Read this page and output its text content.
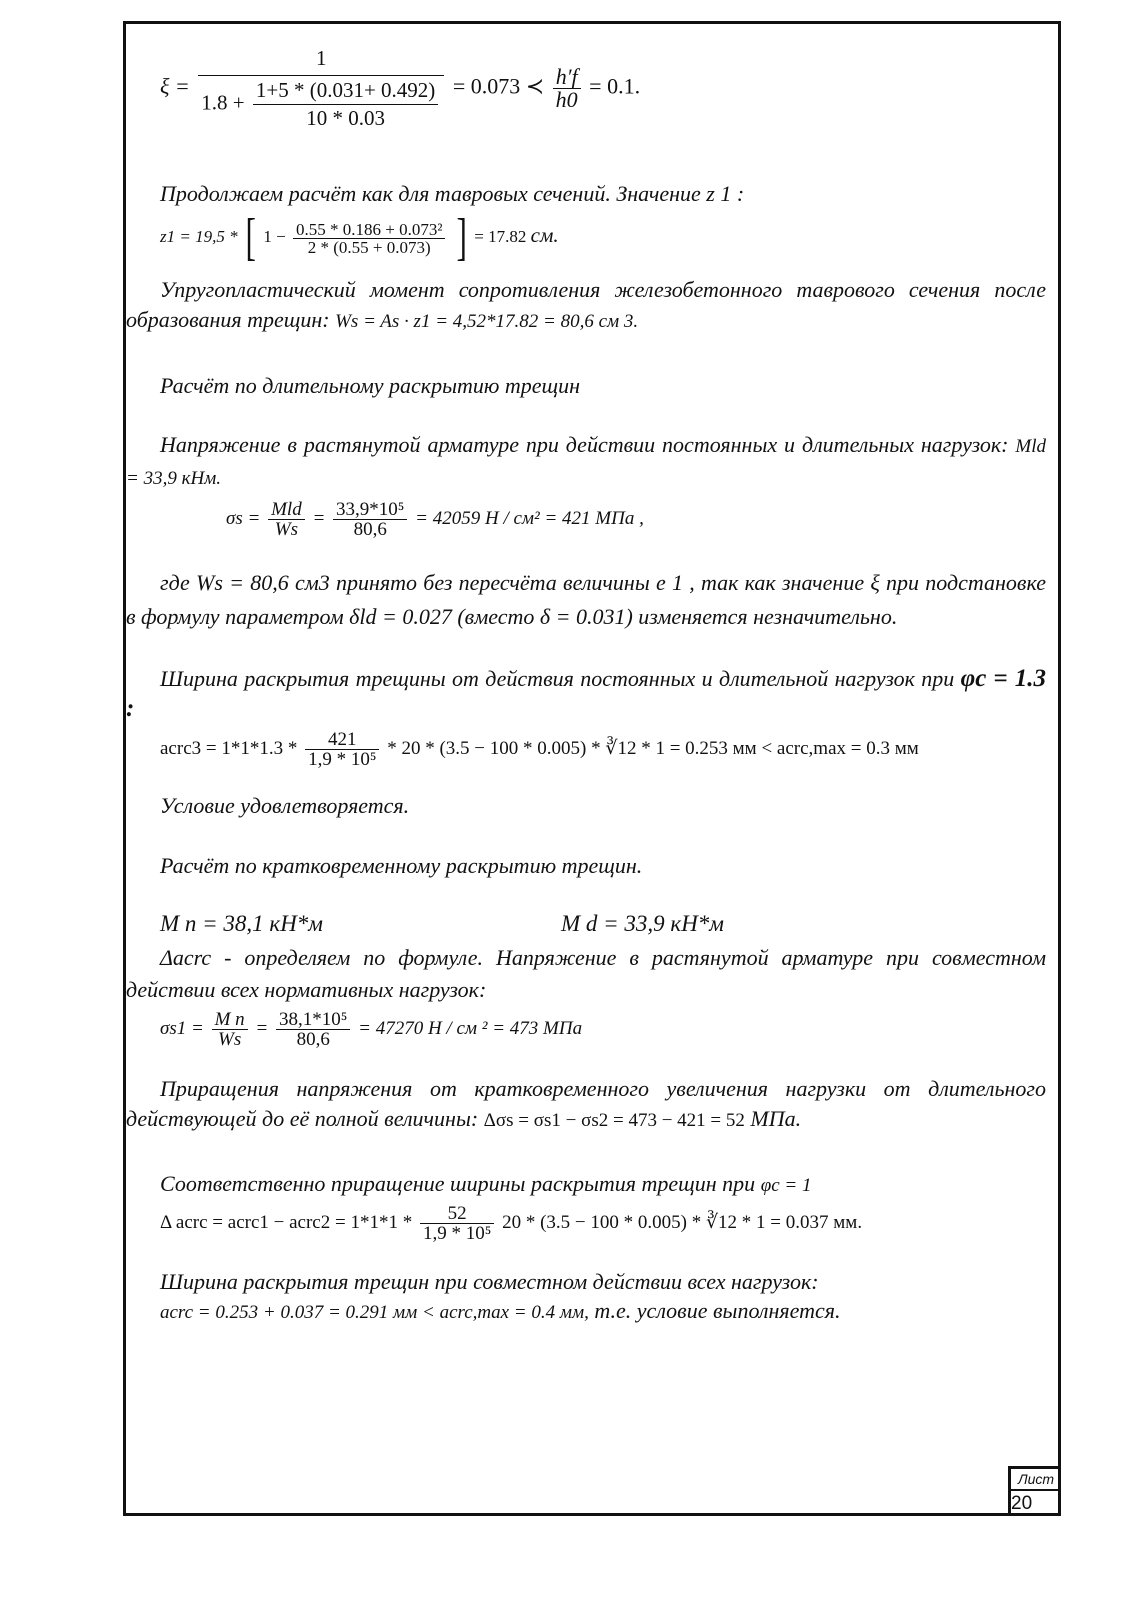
Лист
20
$\xi = \frac{1}{1.8 + \frac{1+5 * (0.031+ 0.492)}{10 * 0.03}} = 0.073$ ≺ $\frac{h'f}{h0} = 0.1$.
Продолжаем расчёт как для тавровых сечений. Значение z 1 :
z1 = 19,5 * [ $1 - \frac{\text{0.55 * 0.186 + 0.073²}}{2 * (0.55 + 0.073)}$ ] = 17.82 см.
Упругопластический момент сопротивления железобетонного таврового сечения после образования трещин: Ws = As · z1 = 4,52*17.82 = 80,6 см 3.
Расчёт по длительному раскрытию трещин
Напряжение в растянутой арматуре при действии постоянных и длительных нагрузок: Mld = 33,9 кНм.
$\sigma s = \frac{\text{Mld}}{Ws} = \frac{\text{33,9*10⁵}}{80,6} = 42059$ Н / см² = 421 МПа ,
где Ws = 80,6 см3 принято без пересчёта величины e 1 , так как значение ξ при подстановке в формулу параметром δld = 0.027 (вместо δ = 0.031) изменяется незначительно.
Ширина раскрытия трещины от действия постоянных и длительной нагрузок при φc = 1.3 :
acrc3 = $1*1*1.3 * \frac{421}{\text{1,9 * 10⁵}} * 20 * (3.5 - 100 * 0.005)$ * ∛12 * 1 = 0.253 мм < acrc,max = 0.3 мм
Условие удовлетворяется.
Расчёт по кратковременному раскрытию трещин.
M n = 38,1 кН*м	M d = 33,9 кН*м
Δacrc - определяем по формуле. Напряжение в растянутой арматуре при совместном действии всех нормативных нагрузок:
$\sigma s1 = \frac{\text{M n}}{Ws} = \frac{\text{38,1*10⁵}}{80,6} = 47270$ Н / см ² = 473 МПа
Приращения напряжения от кратковременного увеличения нагрузки от длительного действующей до её полной величины: Δσs = σs1 − σs2 = 473 − 421 = 52 МПа.
Соответственно приращение ширины раскрытия трещин при φc = 1
Δ acrc = acrc1 − acrc2 = $1*1*1 * \frac{52}{\text{1,9 * 10⁵}} 20 * (3.5 - 100 * 0.005)$ * ∛12 * 1 = 0.037 мм.
Ширина раскрытия трещин при совместном действии всех нагрузок:
acrc = 0.253 + 0.037 = 0.291 мм < acrc,max = 0.4 мм, т.е. условие выполняется.
